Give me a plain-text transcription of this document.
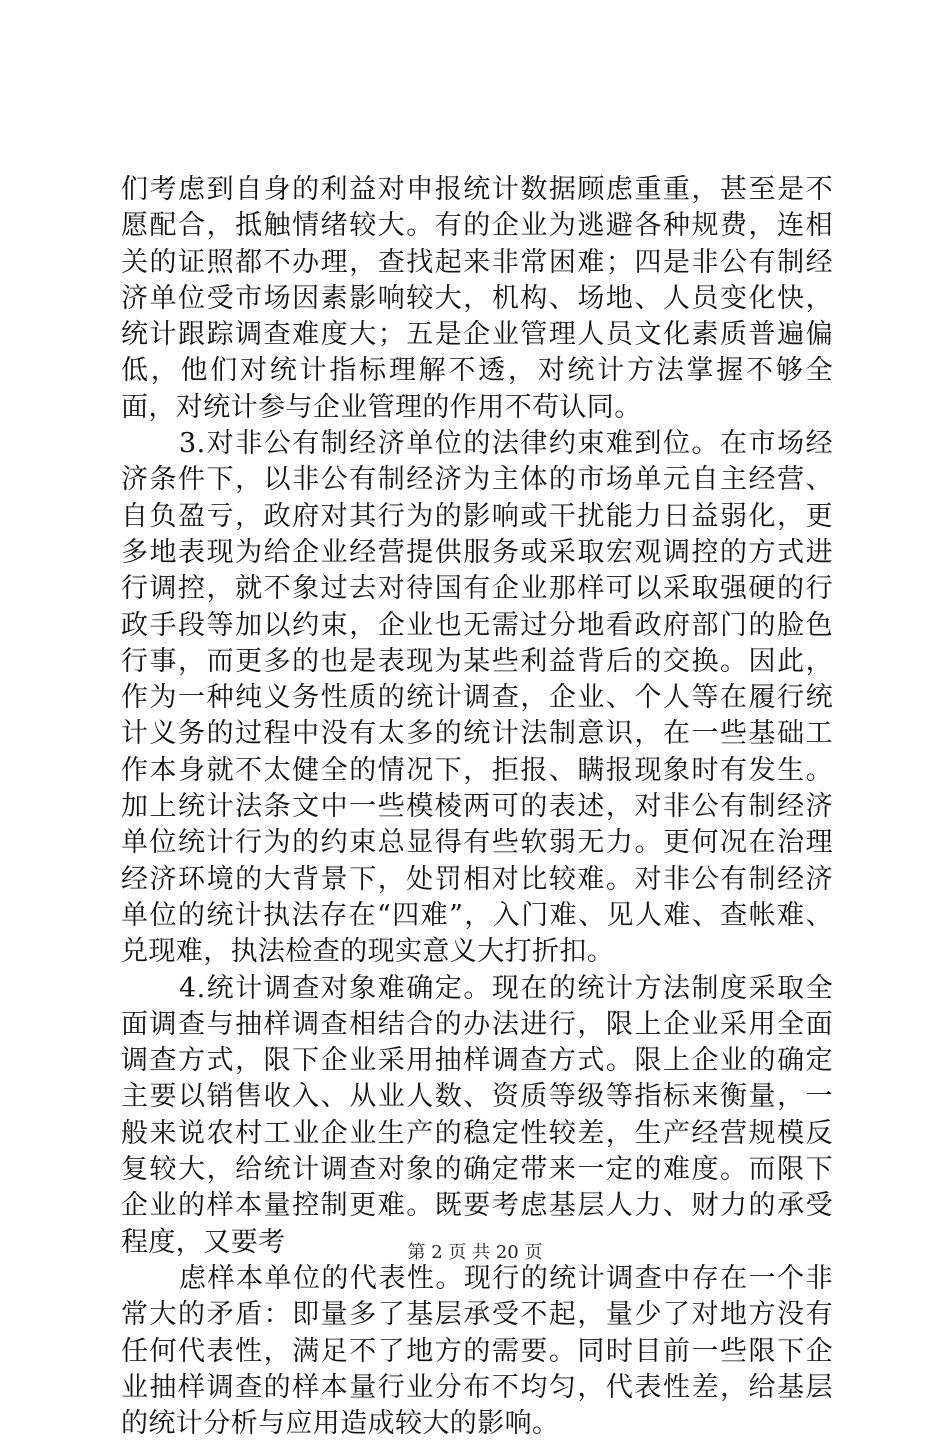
们考虑到自身的利益对申报统计数据顾虑重重，甚至是不愿配合，抵触情绪较大。有的企业为逃避各种规费，连相关的证照都不办理，查找起来非常困难；四是非公有制经济单位受市场因素影响较大，机构、场地、人员变化快，统计跟踪调查难度大；五是企业管理人员文化素质普遍偏低，他们对统计指标理解不透，对统计方法掌握不够全面，对统计参与企业管理的作用不苟认同。

3.对非公有制经济单位的法律约束难到位。在市场经济条件下，以非公有制经济为主体的市场单元自主经营、自负盈亏，政府对其行为的影响或干扰能力日益弱化，更多地表现为给企业经营提供服务或采取宏观调控的方式进行调控，就不象过去对待国有企业那样可以采取强硬的行政手段等加以约束，企业也无需过分地看政府部门的脸色行事，而更多的也是表现为某些利益背后的交换。因此，作为一种纯义务性质的统计调查，企业、个人等在履行统计义务的过程中没有太多的统计法制意识，在一些基础工作本身就不太健全的情况下，拒报、瞒报现象时有发生。加上统计法条文中一些模棱两可的表述，对非公有制经济单位统计行为的约束总显得有些软弱无力。更何况在治理经济环境的大背景下，处罚相对比较难。对非公有制经济单位的统计执法存在“四难”，入门难、见人难、查帐难、兑现难，执法检查的现实意义大打折扣。

4.统计调查对象难确定。现在的统计方法制度采取全面调查与抽样调查相结合的办法进行，限上企业采用全面调查方式，限下企业采用抽样调查方式。限上企业的确定主要以销售收入、从业人数、资质等级等指标来衡量，一般来说农村工业企业生产的稳定性较差，生产经营规模反复较大，给统计调查对象的确定带来一定的难度。而限下企业的样本量控制更难。既要考虑基层人力、财力的承受程度，又要考

虑样本单位的代表性。现行的统计调查中存在一个非常大的矛盾：即量多了基层承受不起，量少了对地方没有任何代表性，满足不了地方的需要。同时目前一些限下企业抽样调查的样本量行业分布不均匀，代表性差，给基层的统计分析与应用造成较大的影响。

第 2 页 共 20 页
